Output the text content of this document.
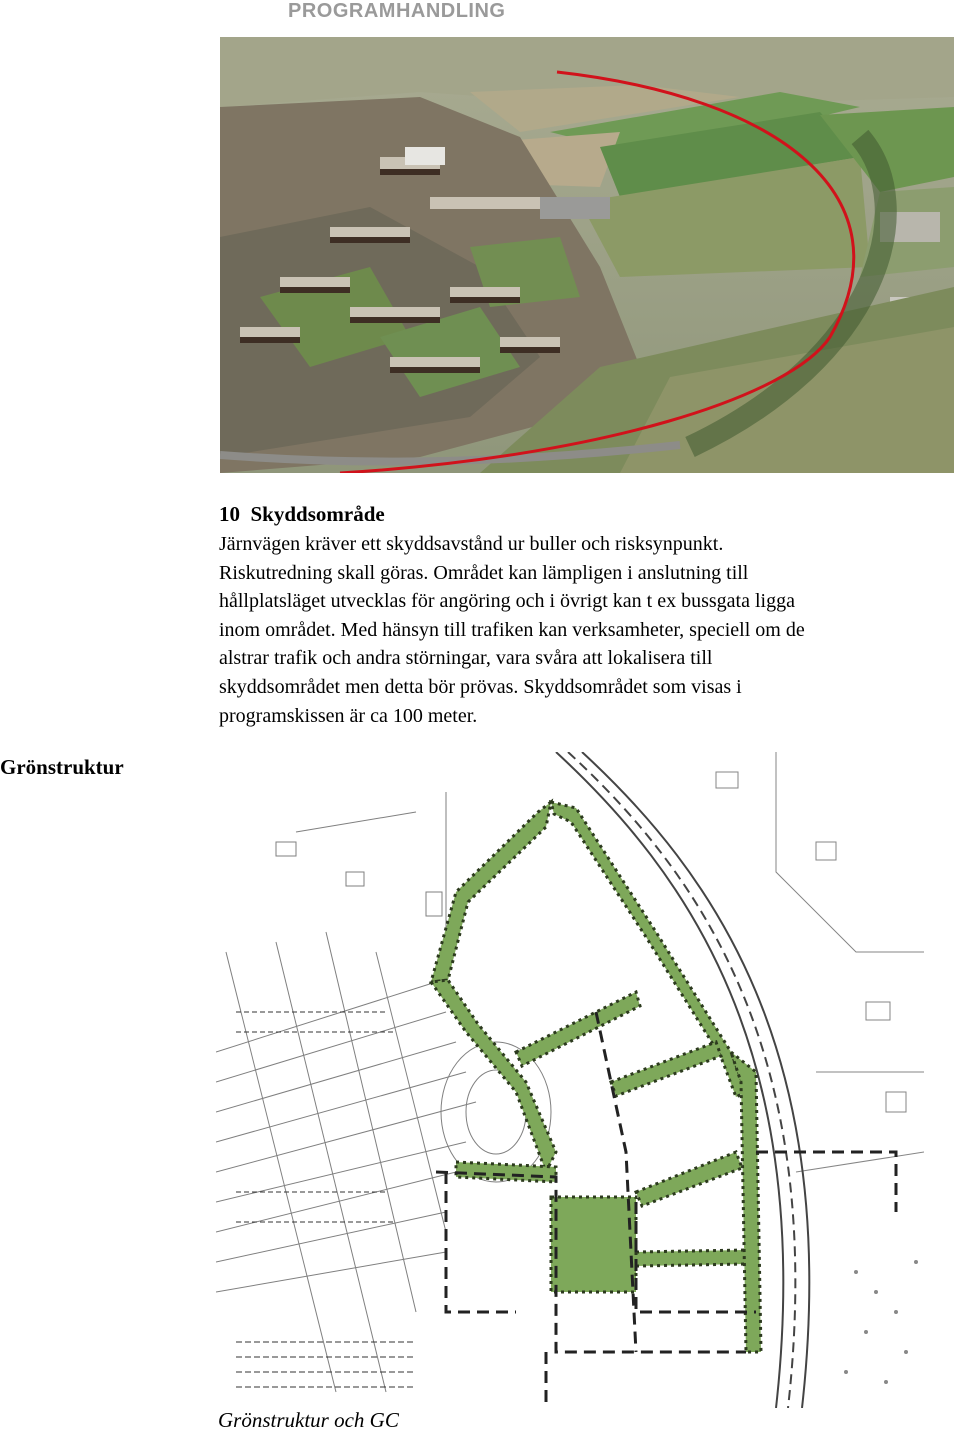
PROGRAMHANDLING
10 Skyddsområde
Järnvägen kräver ett skyddsavstånd ur buller och risksynpunkt.
Riskutredning skall göras. Området kan lämpligen i anslutning till
hållplatsläget utvecklas för angöring och i övrigt kan t ex bussgata ligga
inom området. Med hänsyn till trafiken kan verksamheter, speciell om de
alstrar trafik och andra störningar, vara svåra att lokalisera till
skyddsområdet men detta bör prövas. Skyddsområdet som visas i
programskissen är ca 100 meter.
Grönstruktur
Grönstruktur och GC
